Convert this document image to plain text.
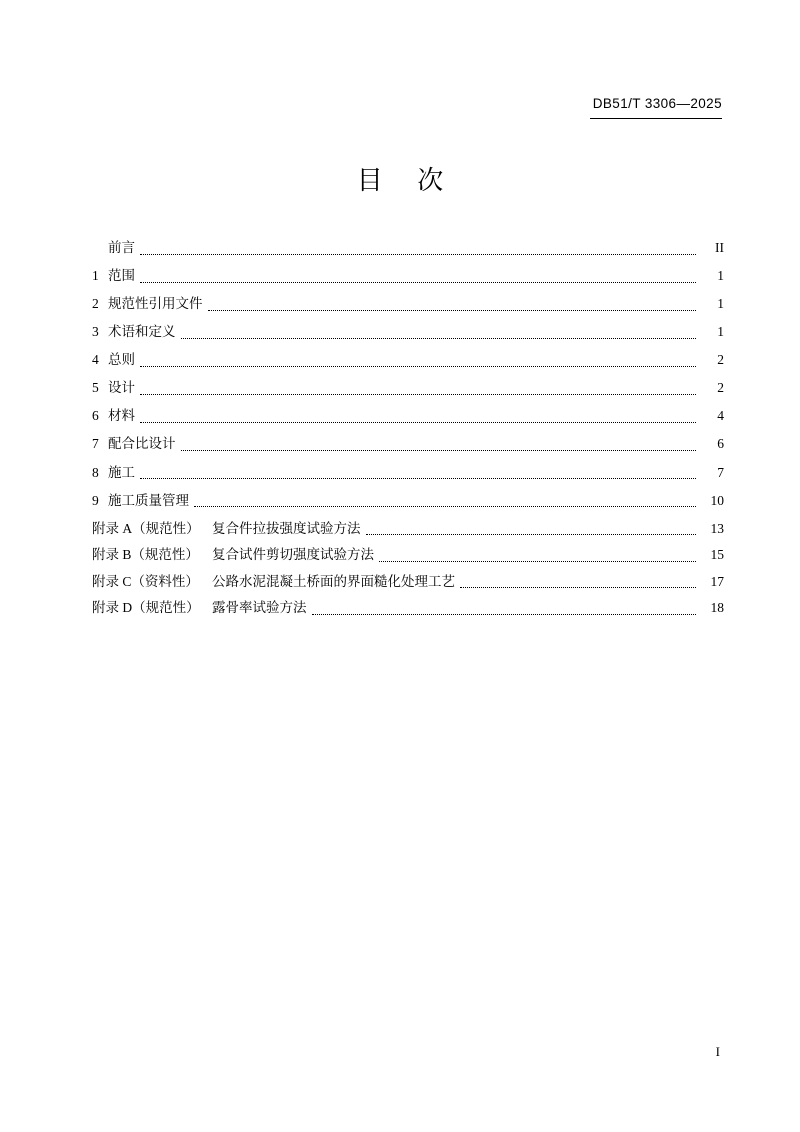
DB51/T 3306—2025
目 次
前言	II
1 范围	1
2 规范性引用文件	1
3 术语和定义	1
4 总则	2
5 设计	2
6 材料	4
7 配合比设计	6
8 施工	7
9 施工质量管理	10
附录 A（规范性） 复合件拉拔强度试验方法	13
附录 B（规范性） 复合试件剪切强度试验方法	15
附录 C（资料性） 公路水泥混凝土桥面的界面糙化处理工艺	17
附录 D（规范性） 露骨率试验方法	18
I
